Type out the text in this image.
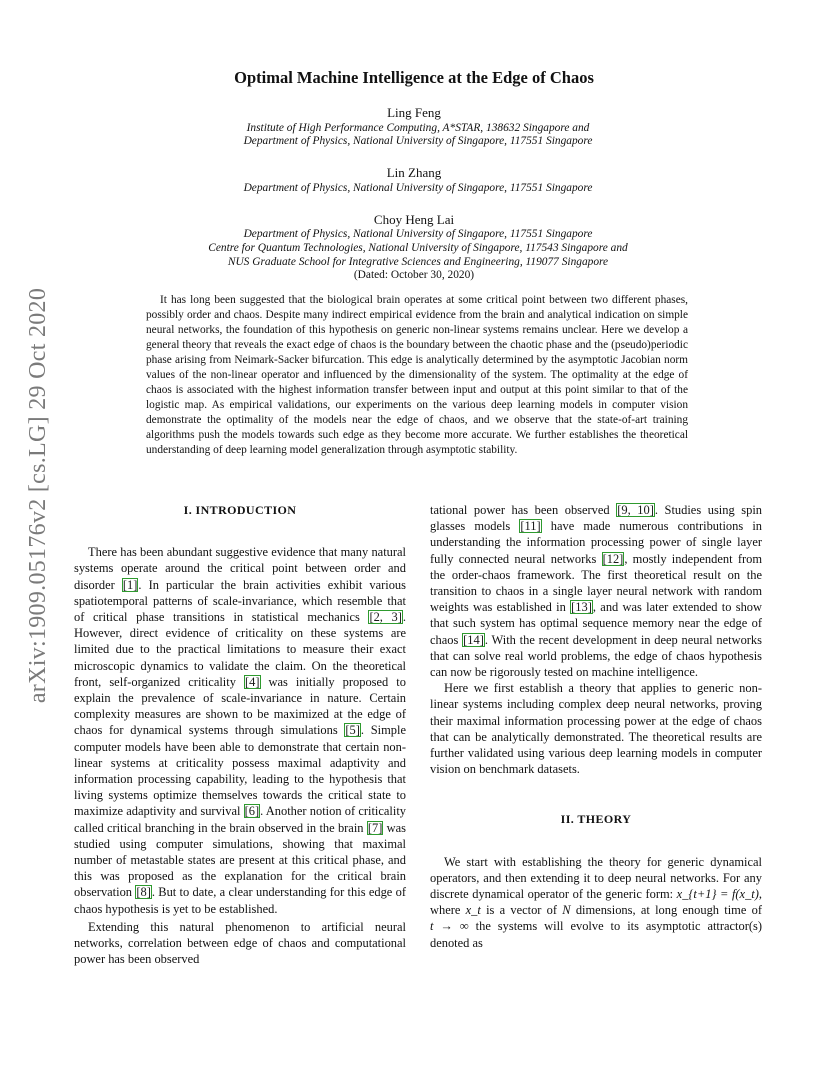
arXiv:1909.05176v2 [cs.LG] 29 Oct 2020
Optimal Machine Intelligence at the Edge of Chaos
Ling Feng
Institute of High Performance Computing, A*STAR, 138632 Singapore and
Department of Physics, National University of Singapore, 117551 Singapore
Lin Zhang
Department of Physics, National University of Singapore, 117551 Singapore
Choy Heng Lai
Department of Physics, National University of Singapore, 117551 Singapore
Centre for Quantum Technologies, National University of Singapore, 117543 Singapore and
NUS Graduate School for Integrative Sciences and Engineering, 119077 Singapore
(Dated: October 30, 2020)
It has long been suggested that the biological brain operates at some critical point between two different phases, possibly order and chaos. Despite many indirect empirical evidence from the brain and analytical indication on simple neural networks, the foundation of this hypothesis on generic non-linear systems remains unclear. Here we develop a general theory that reveals the exact edge of chaos is the boundary between the chaotic phase and the (pseudo)periodic phase arising from Neimark-Sacker bifurcation. This edge is analytically determined by the asymptotic Jacobian norm values of the non-linear operator and influenced by the dimensionality of the system. The optimality at the edge of chaos is associated with the highest information transfer between input and output at this point similar to that of the logistic map. As empirical validations, our experiments on the various deep learning models in computer vision demonstrate the optimality of the models near the edge of chaos, and we observe that the state-of-art training algorithms push the models towards such edge as they become more accurate. We further establishes the theoretical understanding of deep learning model generalization through asymptotic stability.

I. INTRODUCTION

There has been abundant suggestive evidence that many natural systems operate around the critical point between order and disorder [1]. In particular the brain activities exhibit various spatiotemporal patterns of scale-invariance, which resemble that of critical phase transitions in statistical mechanics [2, 3]. However, direct evidence of criticality on these systems are limited due to the practical limitations to measure their exact microscopic dynamics to validate the claim. On the theoretical front, self-organized criticality [4] was initially proposed to explain the prevalence of scale-invariance in nature. Certain complexity measures are shown to be maximized at the edge of chaos for dynamical systems through simulations [5]. Simple computer models have been able to demonstrate that certain non-linear systems at criticality possess maximal adaptivity and information processing capability, leading to the hypothesis that living systems optimize themselves towards the critical state to maximize adaptivity and survival [6]. Another notion of criticality called critical branching in the brain observed in the brain [7] was studied using computer simulations, showing that maximal number of metastable states are present at this critical phase, and this was proposed as the explanation for the critical brain observation [8]. But to date, a clear understanding for this edge of chaos hypothesis is yet to be established.

Extending this natural phenomenon to artificial neural networks, correlation between edge of chaos and computational power has been observed

tational power has been observed [9, 10]. Studies using spin glasses models [11] have made numerous contributions in understanding the information processing power of single layer fully connected neural networks [12], mostly independent from the order-chaos framework. The first theoretical result on the transition to chaos in a single layer neural network with random weights was established in [13], and was later extended to show that such system has optimal sequence memory near the edge of chaos [14]. With the recent development in deep neural networks that can solve real world problems, the edge of chaos hypothesis can now be rigorously tested on machine intelligence.

Here we first establish a theory that applies to generic non-linear systems including complex deep neural networks, proving their maximal information processing power at the edge of chaos that can be analytically demonstrated. The theoretical results are further validated using various deep learning models in computer vision on benchmark datasets.

II. THEORY

We start with establishing the theory for generic dynamical operators, and then extending it to deep neural networks. For any discrete dynamical operator of the generic form: x_{t+1} = f(x_t), where x_t is a vector of N dimensions, at long enough time of t → ∞ the systems will evolve to its asymptotic attractor(s) denoted as
